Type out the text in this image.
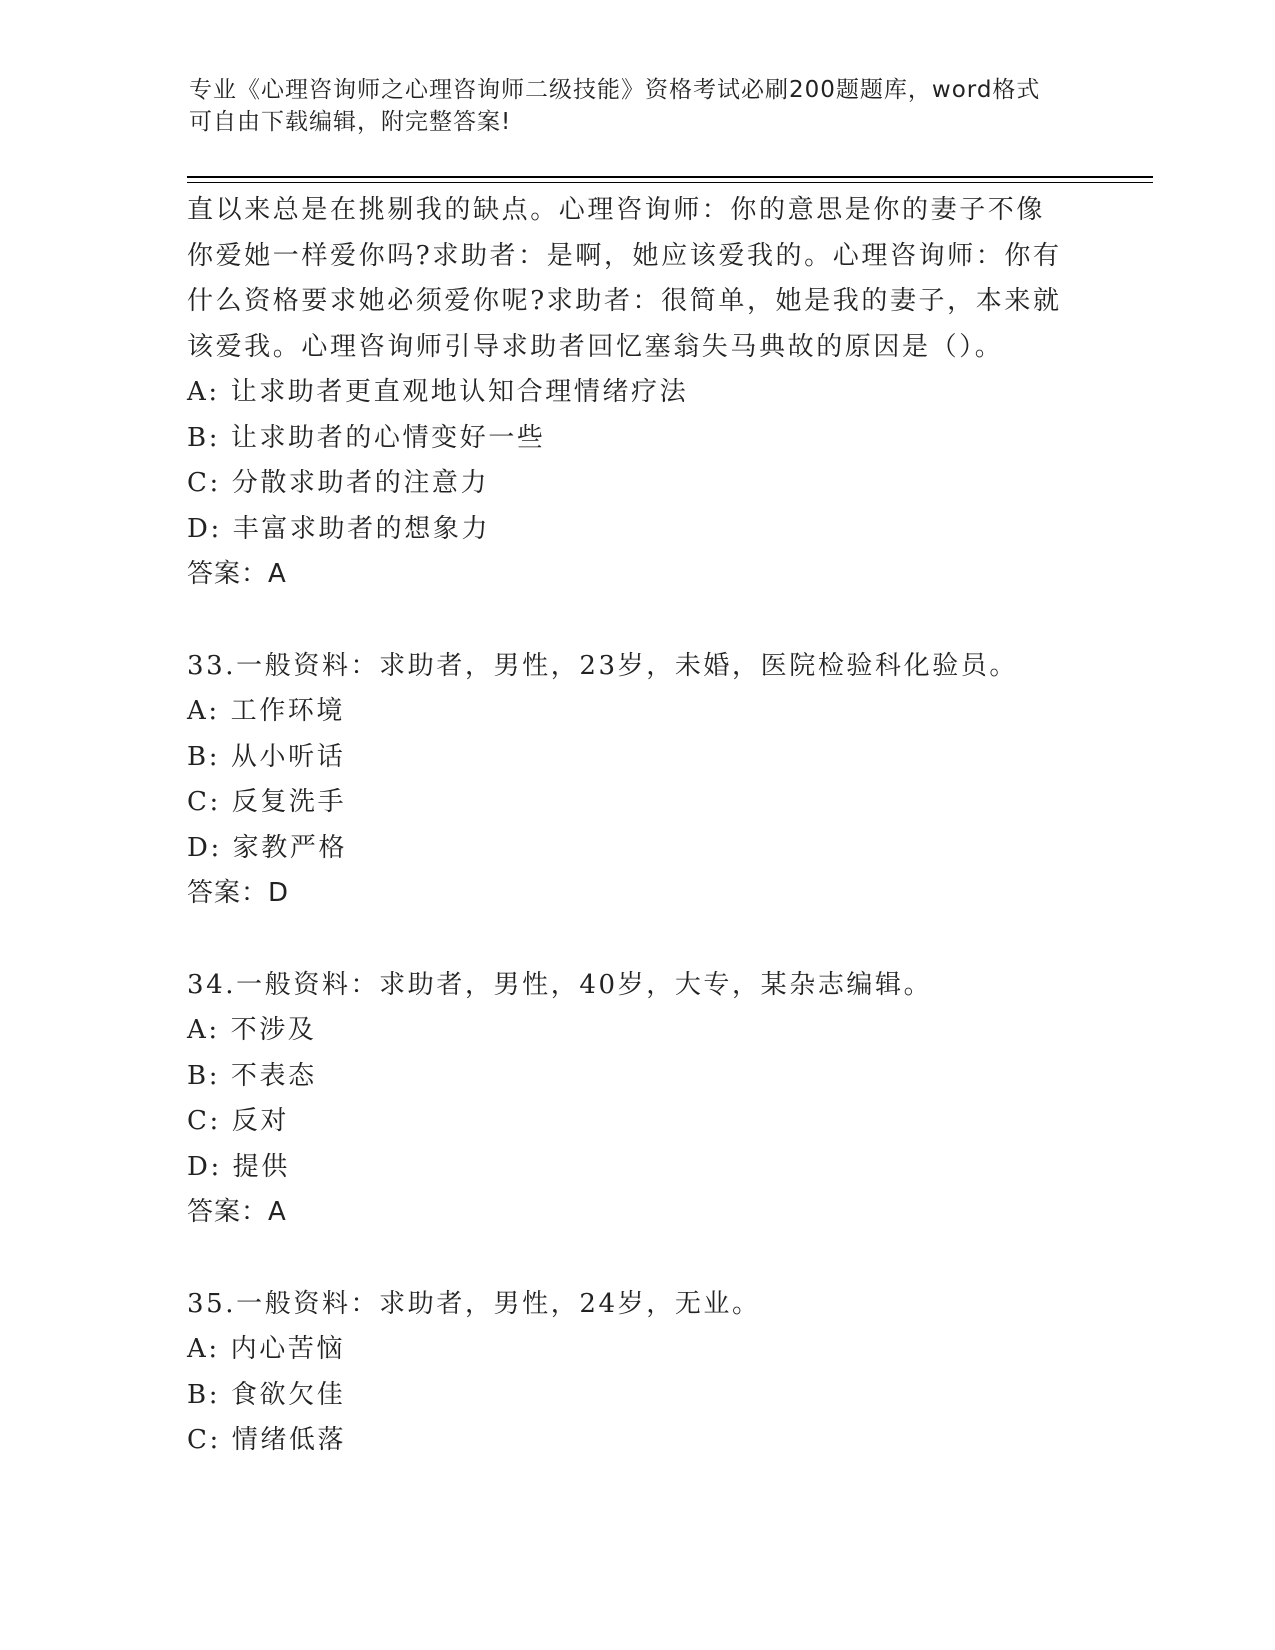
专业《心理咨询师之心理咨询师二级技能》资格考试必刷200题题库，word格式
可自由下载编辑，附完整答案!
直以来总是在挑剔我的缺点。心理咨询师：你的意思是你的妻子不像
你爱她一样爱你吗?求助者：是啊，她应该爱我的。心理咨询师：你有
什么资格要求她必须爱你呢?求助者：很简单，她是我的妻子，本来就
该爱我。心理咨询师引导求助者回忆塞翁失马典故的原因是（）。
A: 让求助者更直观地认知合理情绪疗法
B: 让求助者的心情变好一些
C: 分散求助者的注意力
D: 丰富求助者的想象力
答案：A
33.一般资料：求助者，男性，23岁，未婚，医院检验科化验员。
A: 工作环境
B: 从小听话
C: 反复洗手
D: 家教严格
答案：D
34.一般资料：求助者，男性，40岁，大专，某杂志编辑。
A: 不涉及
B: 不表态
C: 反对
D: 提供
答案：A
35.一般资料：求助者，男性，24岁，无业。
A: 内心苦恼
B: 食欲欠佳
C: 情绪低落
